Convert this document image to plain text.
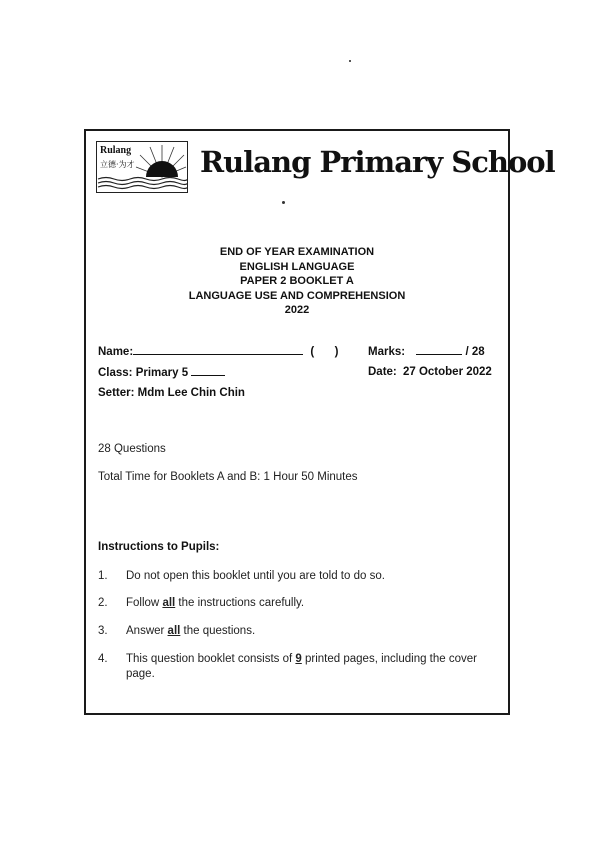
Rulang
立德·为才 Rulang Primary School
END OF YEAR EXAMINATION
ENGLISH LANGUAGE
PAPER 2 BOOKLET A
LANGUAGE USE AND COMPREHENSION
2022
Name:	( )	Marks:	/ 28
Class: Primary 5	Date: 27 October 2022
Setter: Mdm Lee Chin Chin
28 Questions
Total Time for Booklets A and B: 1 Hour 50 Minutes
Instructions to Pupils:
1. Do not open this booklet until you are told to do so.
2. Follow all the instructions carefully.
3. Answer all the questions.
4. This question booklet consists of 9 printed pages, including the cover page.
